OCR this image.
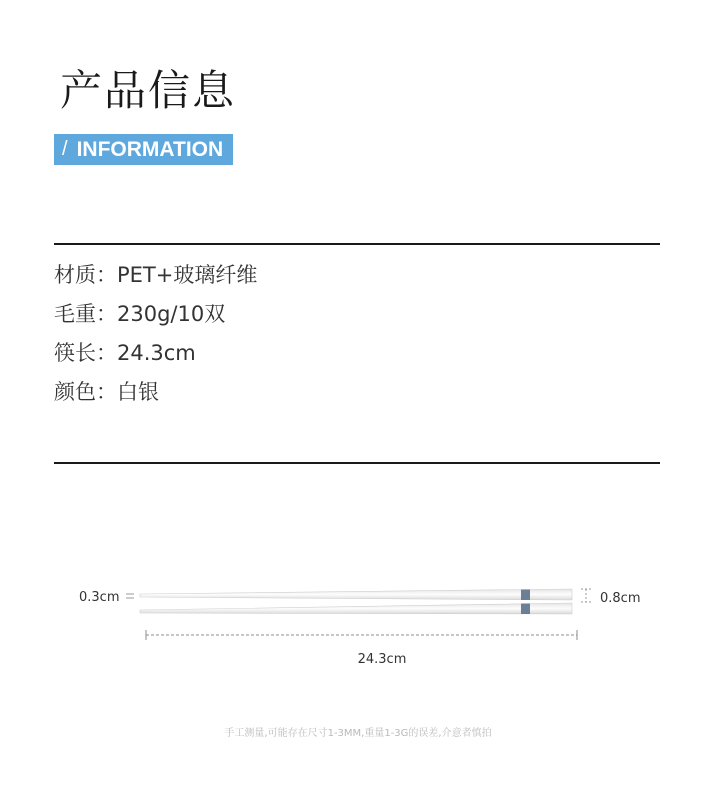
产品信息
/ INFORMATION
材质：PET+玻璃纤维
毛重：230g/10双
筷长：24.3cm
颜色：白银
0.3cm	0.8cm
24.3cm
手工测量,可能存在尺寸1-3MM,重量1-3G的误差,介意者慎拍
